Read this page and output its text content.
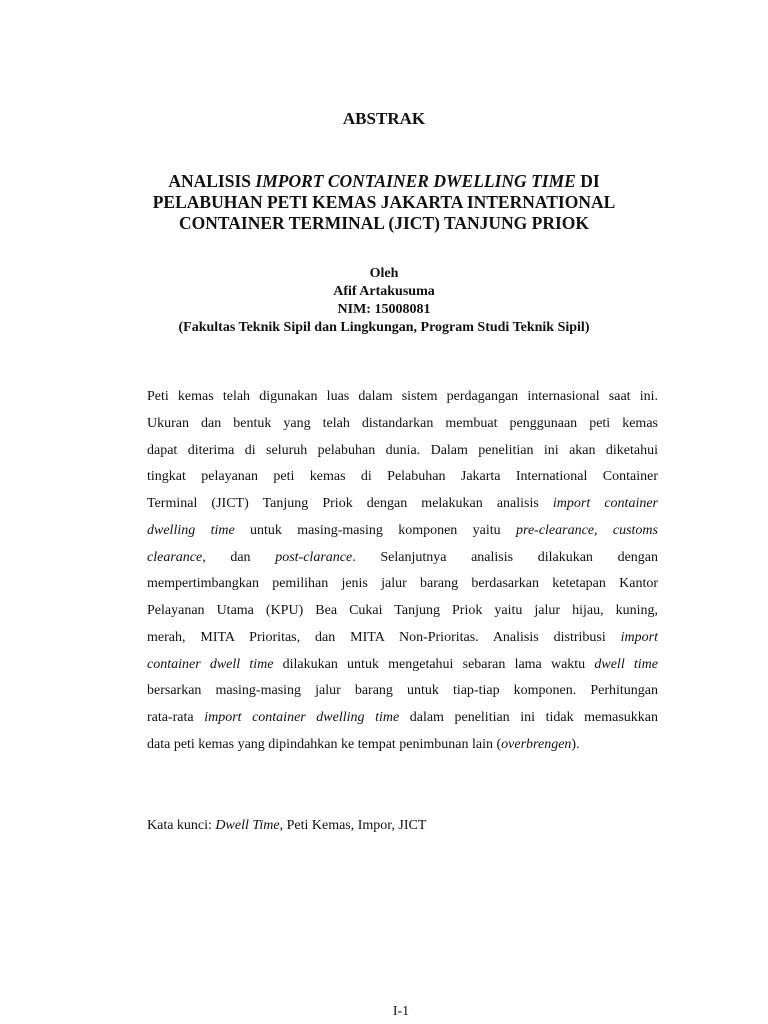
ABSTRAK
ANALISIS IMPORT CONTAINER DWELLING TIME DI
PELABUHAN PETI KEMAS JAKARTA INTERNATIONAL
CONTAINER TERMINAL (JICT) TANJUNG PRIOK
Oleh
Afif Artakusuma
NIM: 15008081
(Fakultas Teknik Sipil dan Lingkungan, Program Studi Teknik Sipil)
Peti kemas telah digunakan luas dalam sistem perdagangan internasional saat ini.
Ukuran dan bentuk yang telah distandarkan membuat penggunaan peti kemas
dapat diterima di seluruh pelabuhan dunia. Dalam penelitian ini akan diketahui
tingkat pelayanan peti kemas di Pelabuhan Jakarta International Container
Terminal (JICT) Tanjung Priok dengan melakukan analisis import container
dwelling time untuk masing-masing komponen yaitu pre-clearance, customs
clearance,     dan     post-clarance.     Selanjutnya     analisis     dilakukan     dengan
mempertimbangkan pemilihan jenis jalur barang berdasarkan ketetapan Kantor
Pelayanan Utama (KPU) Bea Cukai Tanjung Priok yaitu jalur hijau, kuning,
merah, MITA Prioritas, dan MITA Non-Prioritas. Analisis distribusi import
container dwell time dilakukan untuk mengetahui sebaran lama waktu dwell time
bersarkan masing-masing jalur barang untuk tiap-tiap komponen. Perhitungan
rata-rata import container dwelling time dalam penelitian ini tidak memasukkan
data peti kemas yang dipindahkan ke tempat penimbunan lain (overbrengen).
Kata kunci: Dwell Time, Peti Kemas, Impor, JICT
I-1
